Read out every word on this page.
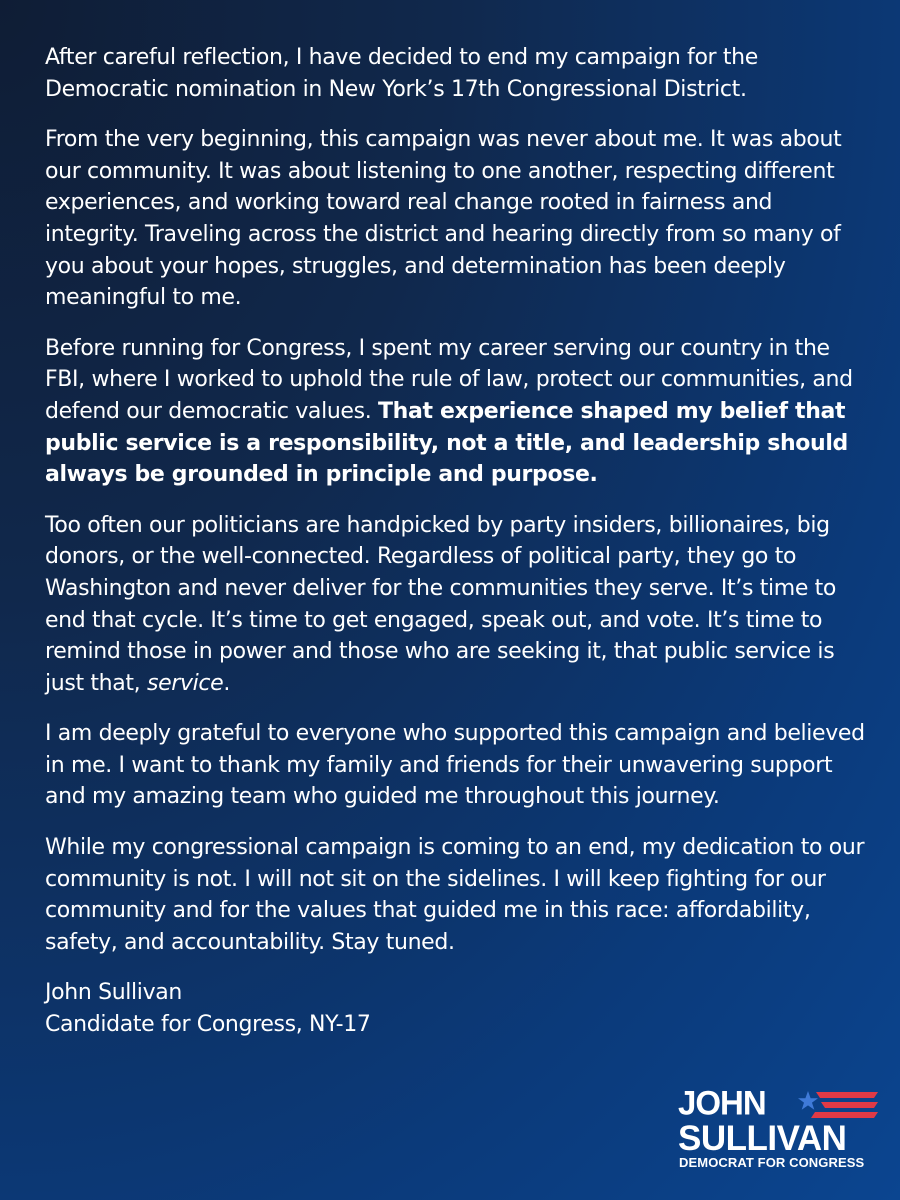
After careful reflection, I have decided to end my campaign for the Democratic nomination in New York’s 17th Congressional District.

From the very beginning, this campaign was never about me. It was about our community. It was about listening to one another, respecting different experiences, and working toward real change rooted in fairness and integrity. Traveling across the district and hearing directly from so many of you about your hopes, struggles, and determination has been deeply meaningful to me.

Before running for Congress, I spent my career serving our country in the FBI, where I worked to uphold the rule of law, protect our communities, and defend our democratic values. That experience shaped my belief that public service is a responsibility, not a title, and leadership should always be grounded in principle and purpose.

Too often our politicians are handpicked by party insiders, billionaires, big donors, or the well-connected. Regardless of political party, they go to Washington and never deliver for the communities they serve. It’s time to end that cycle. It’s time to get engaged, speak out, and vote. It’s time to remind those in power and those who are seeking it, that public service is just that, service.

I am deeply grateful to everyone who supported this campaign and believed in me. I want to thank my family and friends for their unwavering support and my amazing team who guided me throughout this journey.

While my congressional campaign is coming to an end, my dedication to our community is not. I will not sit on the sidelines. I will keep fighting for our community and for the values that guided me in this race: affordability, safety, and accountability. Stay tuned.

John Sullivan
Candidate for Congress, NY-17
JOHN
SULLIVAN
DEMOCRAT FOR CONGRESS
